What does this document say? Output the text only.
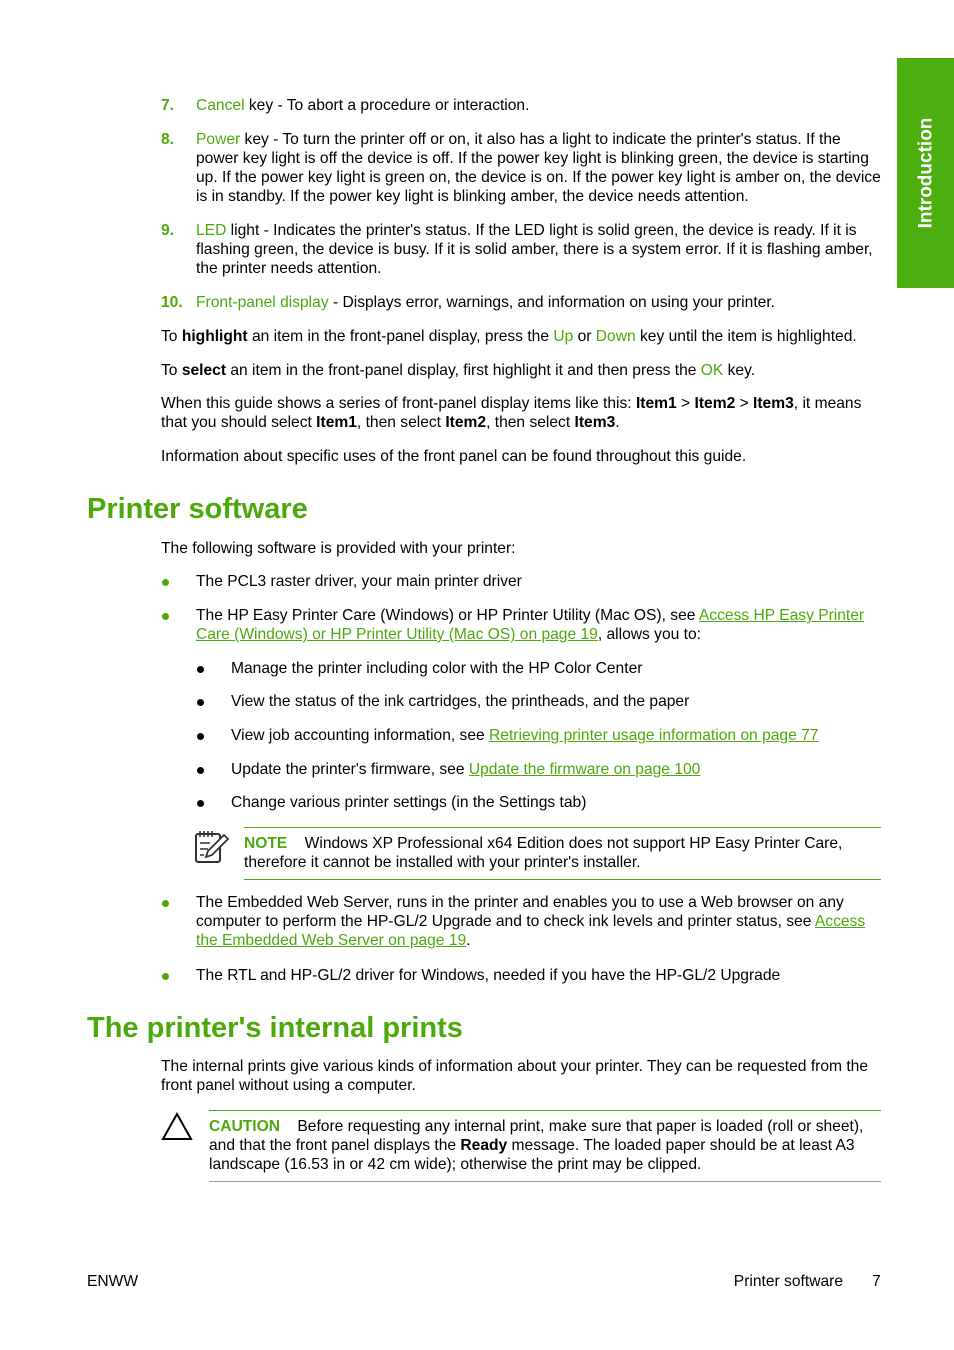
Introduction
7. Cancel key - To abort a procedure or interaction.
8. Power key - To turn the printer off or on, it also has a light to indicate the printer's status. If the power key light is off the device is off. If the power key light is blinking green, the device is starting up. If the power key light is green on, the device is on. If the power key light is amber on, the device is in standby. If the power key light is blinking amber, the device needs attention.
9. LED light - Indicates the printer's status. If the LED light is solid green, the device is ready. If it is flashing green, the device is busy. If it is solid amber, there is a system error. If it is flashing amber, the printer needs attention.
10. Front-panel display - Displays error, warnings, and information on using your printer.
To highlight an item in the front-panel display, press the Up or Down key until the item is highlighted.
To select an item in the front-panel display, first highlight it and then press the OK key.
When this guide shows a series of front-panel display items like this: Item1 > Item2 > Item3, it means that you should select Item1, then select Item2, then select Item3.
Information about specific uses of the front panel can be found throughout this guide.
Printer software
The following software is provided with your printer:
The PCL3 raster driver, your main printer driver
The HP Easy Printer Care (Windows) or HP Printer Utility (Mac OS), see Access HP Easy Printer Care (Windows) or HP Printer Utility (Mac OS) on page 19, allows you to:
Manage the printer including color with the HP Color Center
View the status of the ink cartridges, the printheads, and the paper
View job accounting information, see Retrieving printer usage information on page 77
Update the printer's firmware, see Update the firmware on page 100
Change various printer settings (in the Settings tab)
NOTE    Windows XP Professional x64 Edition does not support HP Easy Printer Care, therefore it cannot be installed with your printer's installer.
The Embedded Web Server, runs in the printer and enables you to use a Web browser on any computer to perform the HP-GL/2 Upgrade and to check ink levels and printer status, see Access the Embedded Web Server on page 19.
The RTL and HP-GL/2 driver for Windows, needed if you have the HP-GL/2 Upgrade
The printer's internal prints
The internal prints give various kinds of information about your printer. They can be requested from the front panel without using a computer.
CAUTION    Before requesting any internal print, make sure that paper is loaded (roll or sheet), and that the front panel displays the Ready message. The loaded paper should be at least A3 landscape (16.53 in or 42 cm wide); otherwise the print may be clipped.
ENWW	Printer software 7
